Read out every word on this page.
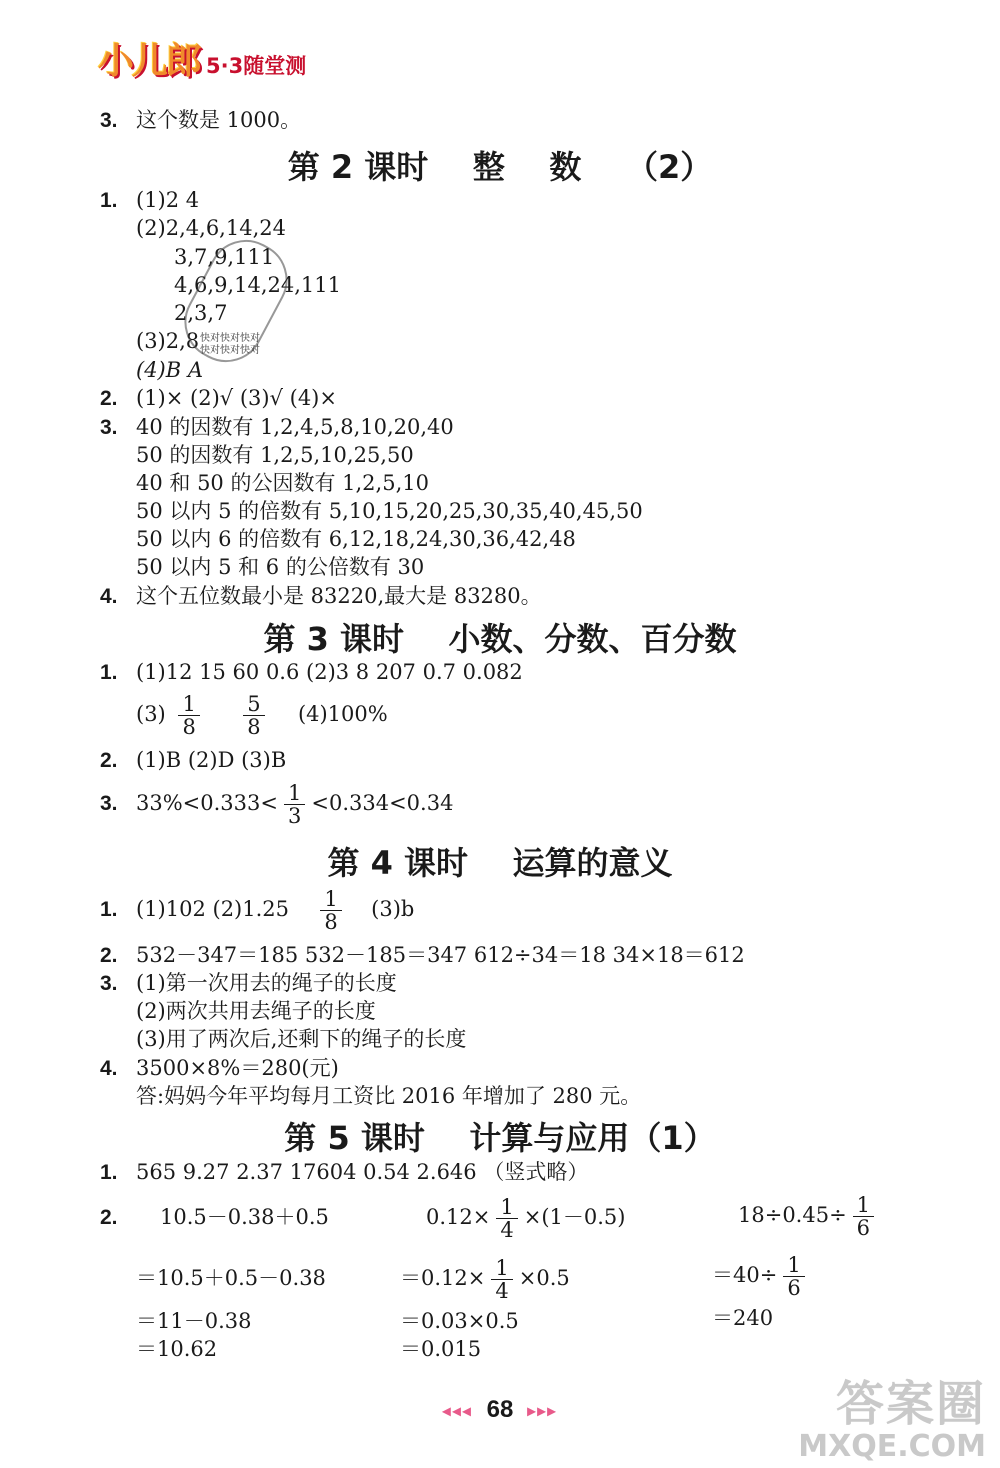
小儿郎 5·3随堂测
3. 这个数是 1000。
第 2 课时    整    数    （2）
1. (1)2 4
(2)2,4,6,14,24
3,7,9,111
4,6,9,14,24,111
2,3,7
(3)2,8
(4)B A
快对快对快对
快对快对快对
2. (1)× (2)√ (3)√ (4)×
3. 40 的因数有 1,2,4,5,8,10,20,40
50 的因数有 1,2,5,10,25,50
40 和 50 的公因数有 1,2,5,10
50 以内 5 的倍数有 5,10,15,20,25,30,35,40,45,50
50 以内 6 的倍数有 6,12,18,24,30,36,42,48
50 以内 5 和 6 的公倍数有 30
4. 这个五位数最小是 83220,最大是 83280。
第 3 课时    小数、分数、百分数
1. (1)12 15 60 0.6 (2)3 8 207 0.7 0.082
$(3) \frac{1}{8}$
$\frac{5}{8} (4)100\%$
2. (1)B (2)D (3)B
3. $33\%<0.333< \frac{1}{3} <0.334<0.34$
第 4 课时    运算的意义
1. (1)102 $(2)1.25 \frac{1}{8} (3)b$
2. 532－347＝185 532－185＝347 612÷34＝18 34×18＝612
3. (1)第一次用去的绳子的长度
(2)两次共用去绳子的长度
(3)用了两次后,还剩下的绳子的长度
4. 3500×8%＝280(元)
答:妈妈今年平均每月工资比 2016 年增加了 280 元。
第 5 课时    计算与应用（1）
1. 565 9.27 2.37 17604 0.54 2.646 （竖式略）
2.	10.5－0.38＋0.5
＝10.5＋0.5－0.38
＝11－0.38
＝10.62
$0.12\times \frac{1}{4} \times(1-0.5)$
$=0.12\times \frac{1}{4} \times 0.5$
＝0.03×0.5
＝0.015
$18\div 0.45\div \frac{1}{6}$
$=40\div \frac{1}{6}$
＝240
◂◂◂ 68 ▸▸▸	答案圈
MXQE.COM
